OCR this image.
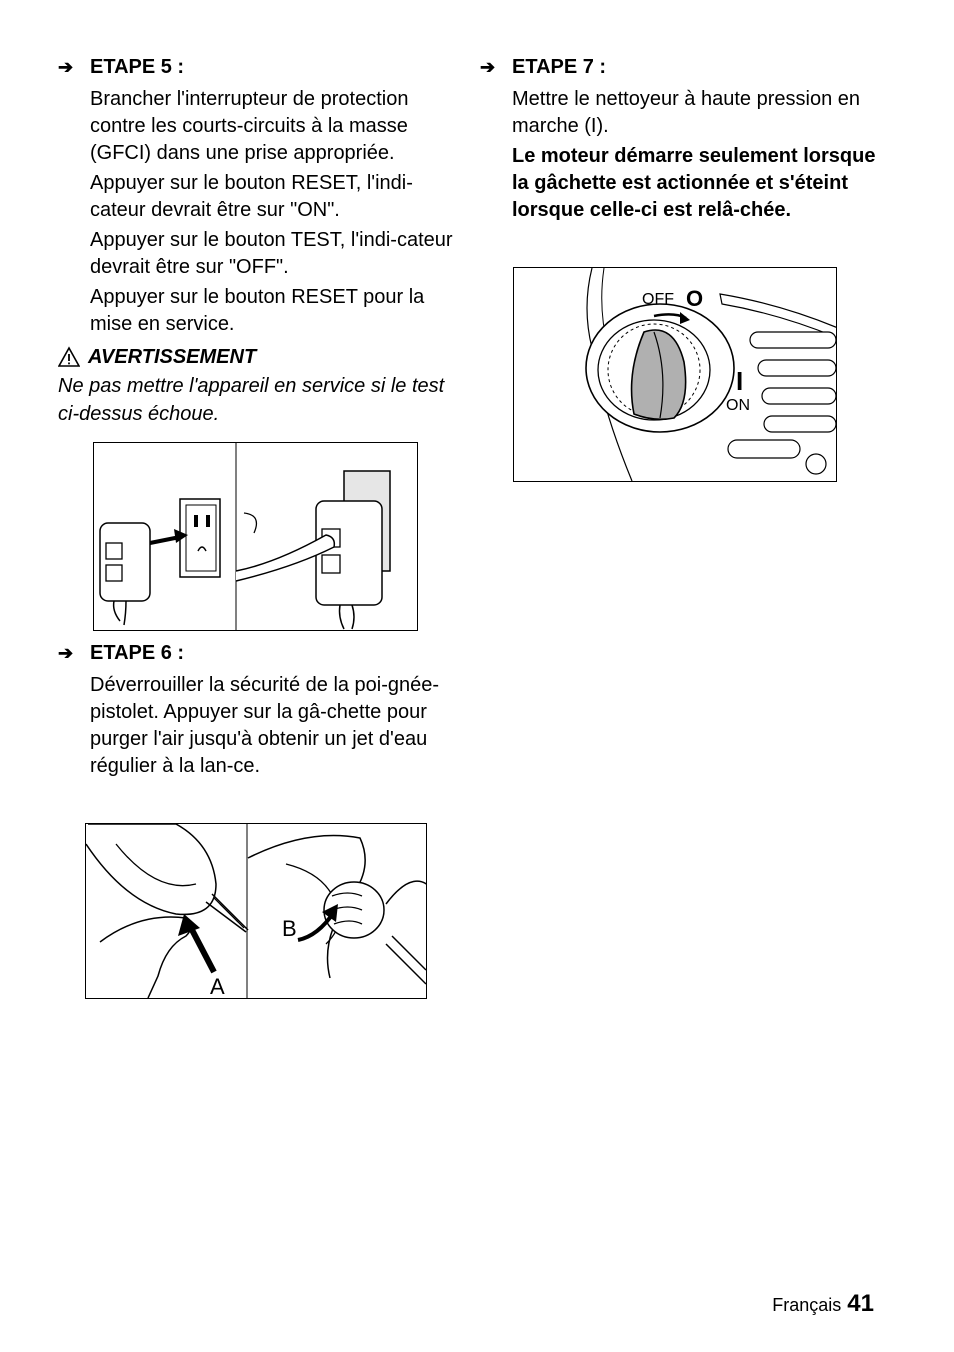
➔ ETAPE 5 :

Brancher l'interrupteur de protection contre les courts-circuits à la masse (GFCI) dans une prise appropriée.

Appuyer sur le bouton RESET, l'indi-cateur devrait être sur "ON".

Appuyer sur le bouton TEST, l'indi-cateur devrait être sur "OFF".

Appuyer sur le bouton RESET pour la mise en service.

AVERTISSEMENT

Ne pas mettre l'appareil en service si le test ci-dessus échoue.

➔ ETAPE 6 :

Déverrouiller la sécurité de la poi-gnée-pistolet. Appuyer sur la gâ-chette pour purger l'air jusqu'à obtenir un jet d'eau régulier à la lan-ce.

A
B
➔ ETAPE 7 :

Mettre le nettoyeur à haute pression en marche (I).

Le moteur démarre seulement lorsque la gâchette est actionnée et s'éteint lorsque celle-ci est relâ-chée.

OFF O
I
ON
Français 41
